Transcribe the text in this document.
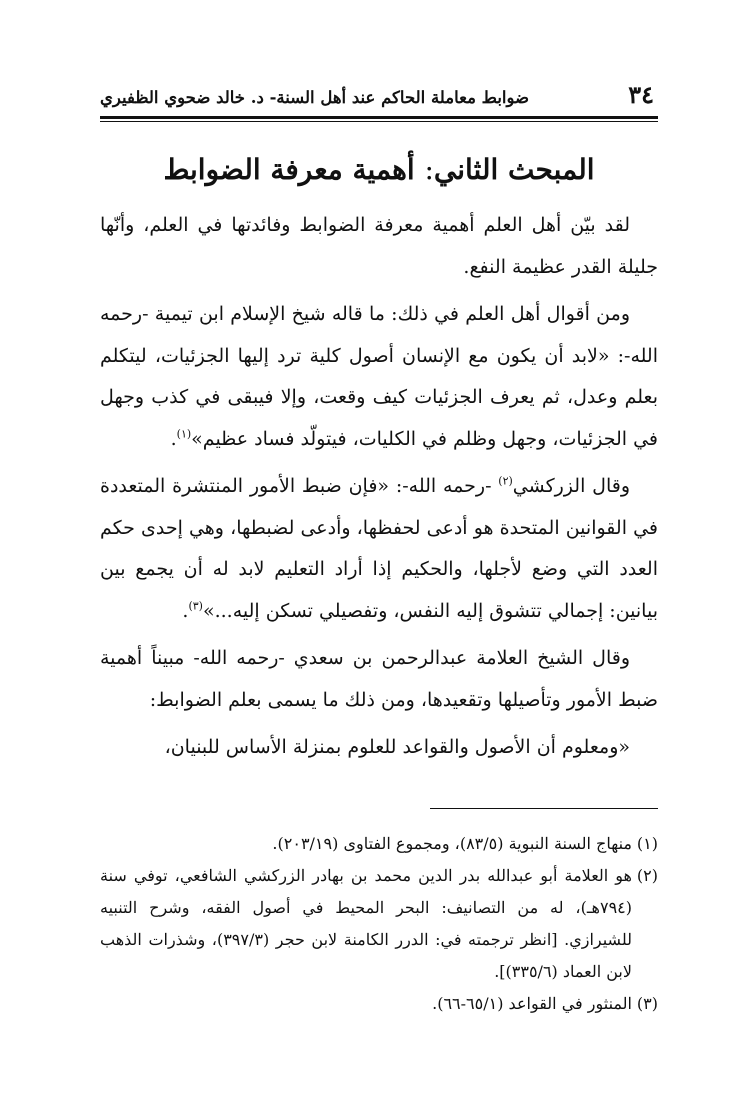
٣٤
ضوابط معاملة الحاكم عند أهل السنة- د. خالد ضحوي الظفيري
المبحث الثاني: أهمية معرفة الضوابط

لقد بيّن أهل العلم أهمية معرفة الضوابط وفائدتها في العلم، وأنّها جليلة القدر عظيمة النفع.

ومن أقوال أهل العلم في ذلك: ما قاله شيخ الإسلام ابن تيمية -رحمه الله-: «لابد أن يكون مع الإنسان أصول كلية ترد إليها الجزئيات، ليتكلم بعلم وعدل، ثم يعرف الجزئيات كيف وقعت، وإلا فيبقى في كذب وجهل في الجزئيات، وجهل وظلم في الكليات، فيتولّد فساد عظيم»$^{(١)}$.

وقال الزركشي$^{(٢)}$ -رحمه الله-: «فإن ضبط الأمور المنتشرة المتعددة في القوانين المتحدة هو أدعى لحفظها، وأدعى لضبطها، وهي إحدى حكم العدد التي وضع لأجلها، والحكيم إذا أراد التعليم لابد له أن يجمع بين بيانين: إجمالي تتشوق إليه النفس، وتفصيلي تسكن إليه...»$^{(٣)}$.

وقال الشيخ العلامة عبدالرحمن بن سعدي -رحمه الله- مبيناً أهمية ضبط الأمور وتأصيلها وتقعيدها، ومن ذلك ما يسمى بعلم الضوابط:

«ومعلوم أن الأصول والقواعد للعلوم بمنزلة الأساس للبنيان،

(١)
منهاج السنة النبوية (٨٣/٥)، ومجموع الفتاوى (٢٠٣/١٩).

(٢)
هو العلامة أبو عبدالله بدر الدين محمد بن بهادر الزركشي الشافعي، توفي سنة (٧٩٤هـ)، له من التصانيف: البحر المحيط في أصول الفقه، وشرح التنبيه للشيرازي. [انظر ترجمته في: الدرر الكامنة لابن حجر (٣٩٧/٣)، وشذرات الذهب لابن العماد (٣٣٥/٦)].

(٣)
المنثور في القواعد (٦٥/١-٦٦).
